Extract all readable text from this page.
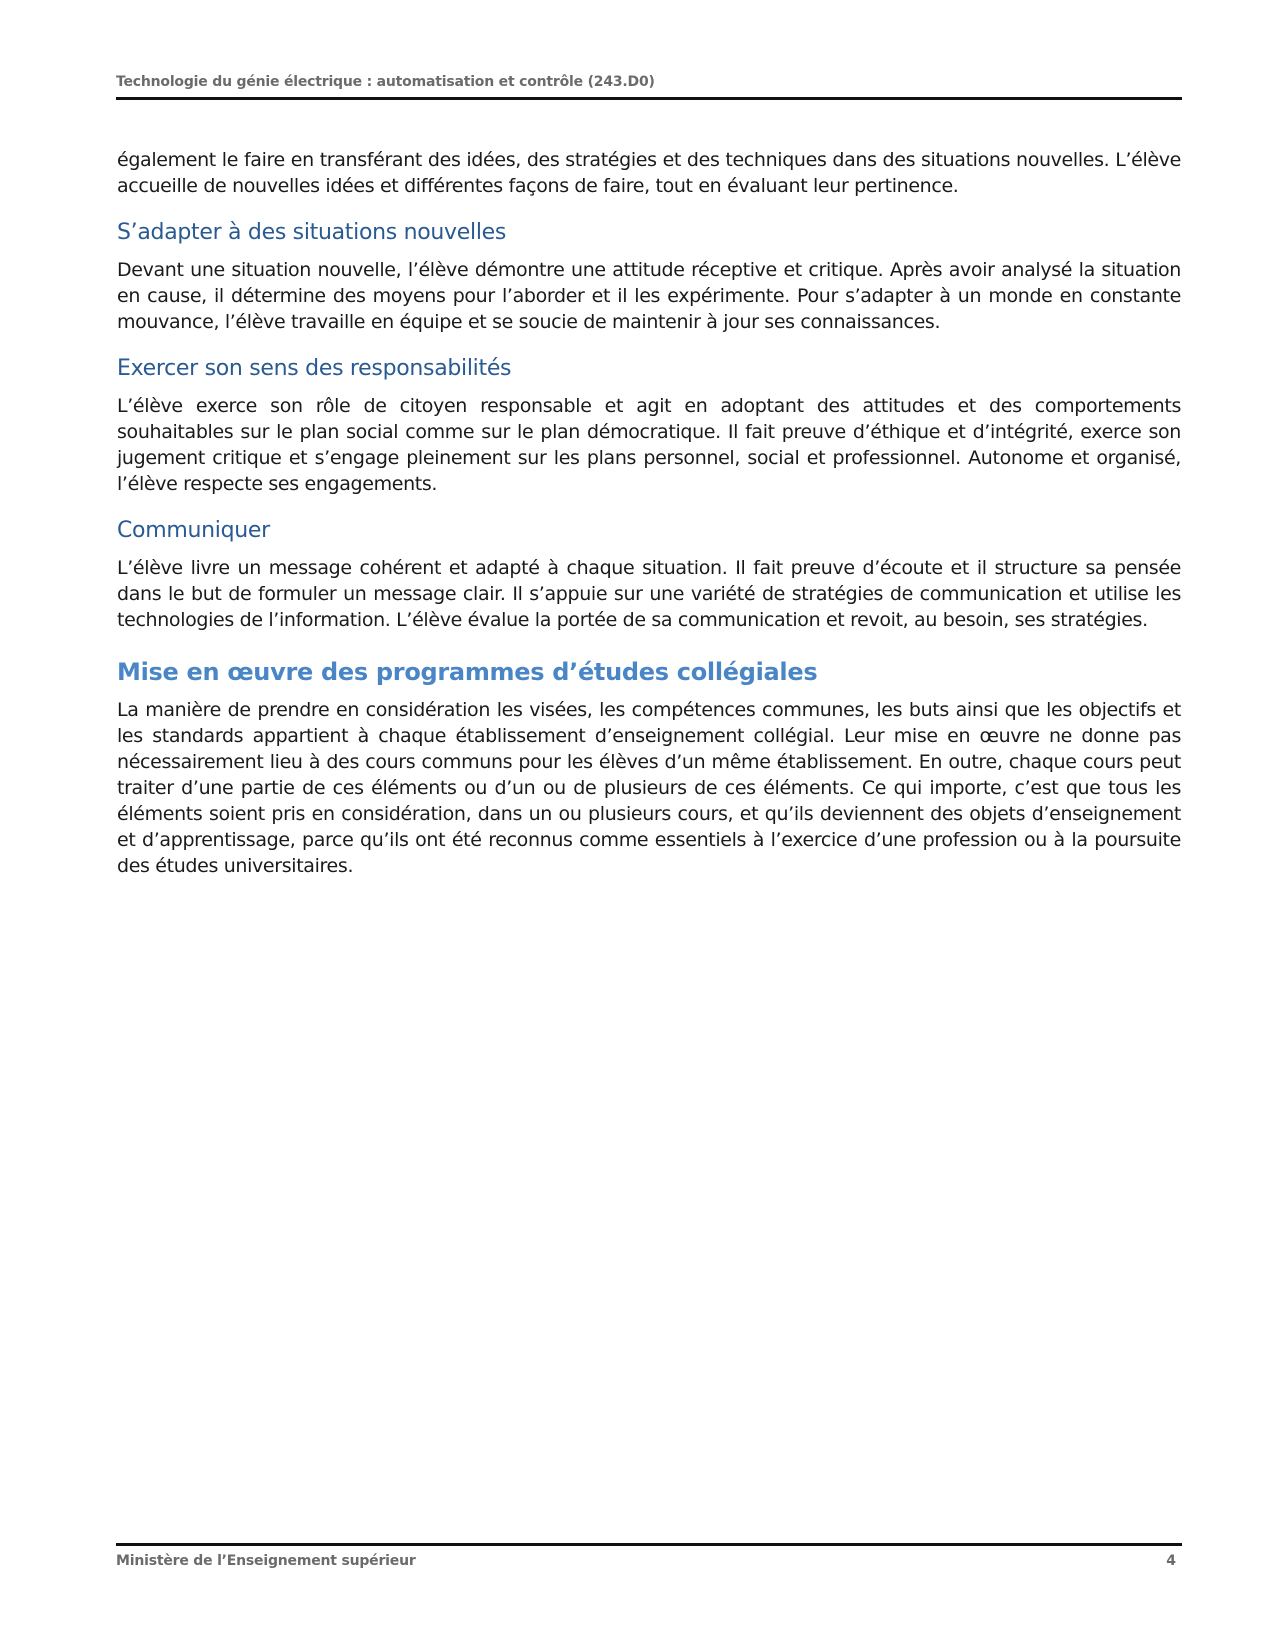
Technologie du génie électrique : automatisation et contrôle (243.D0)

également le faire en transférant des idées, des stratégies et des techniques dans des situations nouvelles. L’élève accueille de nouvelles idées et différentes façons de faire, tout en évaluant leur pertinence.

S’adapter à des situations nouvelles

Devant une situation nouvelle, l’élève démontre une attitude réceptive et critique. Après avoir analysé la situation en cause, il détermine des moyens pour l’aborder et il les expérimente. Pour s’adapter à un monde en constante mouvance, l’élève travaille en équipe et se soucie de maintenir à jour ses connaissances.

Exercer son sens des responsabilités

L’élève exerce son rôle de citoyen responsable et agit en adoptant des attitudes et des comportements souhaitables sur le plan social comme sur le plan démocratique. Il fait preuve d’éthique et d’intégrité, exerce son jugement critique et s’engage pleinement sur les plans personnel, social et professionnel. Autonome et organisé, l’élève respecte ses engagements.

Communiquer

L’élève livre un message cohérent et adapté à chaque situation. Il fait preuve d’écoute et il structure sa pensée dans le but de formuler un message clair. Il s’appuie sur une variété de stratégies de communication et utilise les technologies de l’information. L’élève évalue la portée de sa communication et revoit, au besoin, ses stratégies.

Mise en œuvre des programmes d’études collégiales

La manière de prendre en considération les visées, les compétences communes, les buts ainsi que les objectifs et les standards appartient à chaque établissement d’enseignement collégial. Leur mise en œuvre ne donne pas nécessairement lieu à des cours communs pour les élèves d’un même établissement. En outre, chaque cours peut traiter d’une partie de ces éléments ou d’un ou de plusieurs de ces éléments. Ce qui importe, c’est que tous les éléments soient pris en considération, dans un ou plusieurs cours, et qu’ils deviennent des objets d’enseignement et d’apprentissage, parce qu’ils ont été reconnus comme essentiels à l’exercice d’une profession ou à la poursuite des études universitaires.

Ministère de l’Enseignement supérieur	4
